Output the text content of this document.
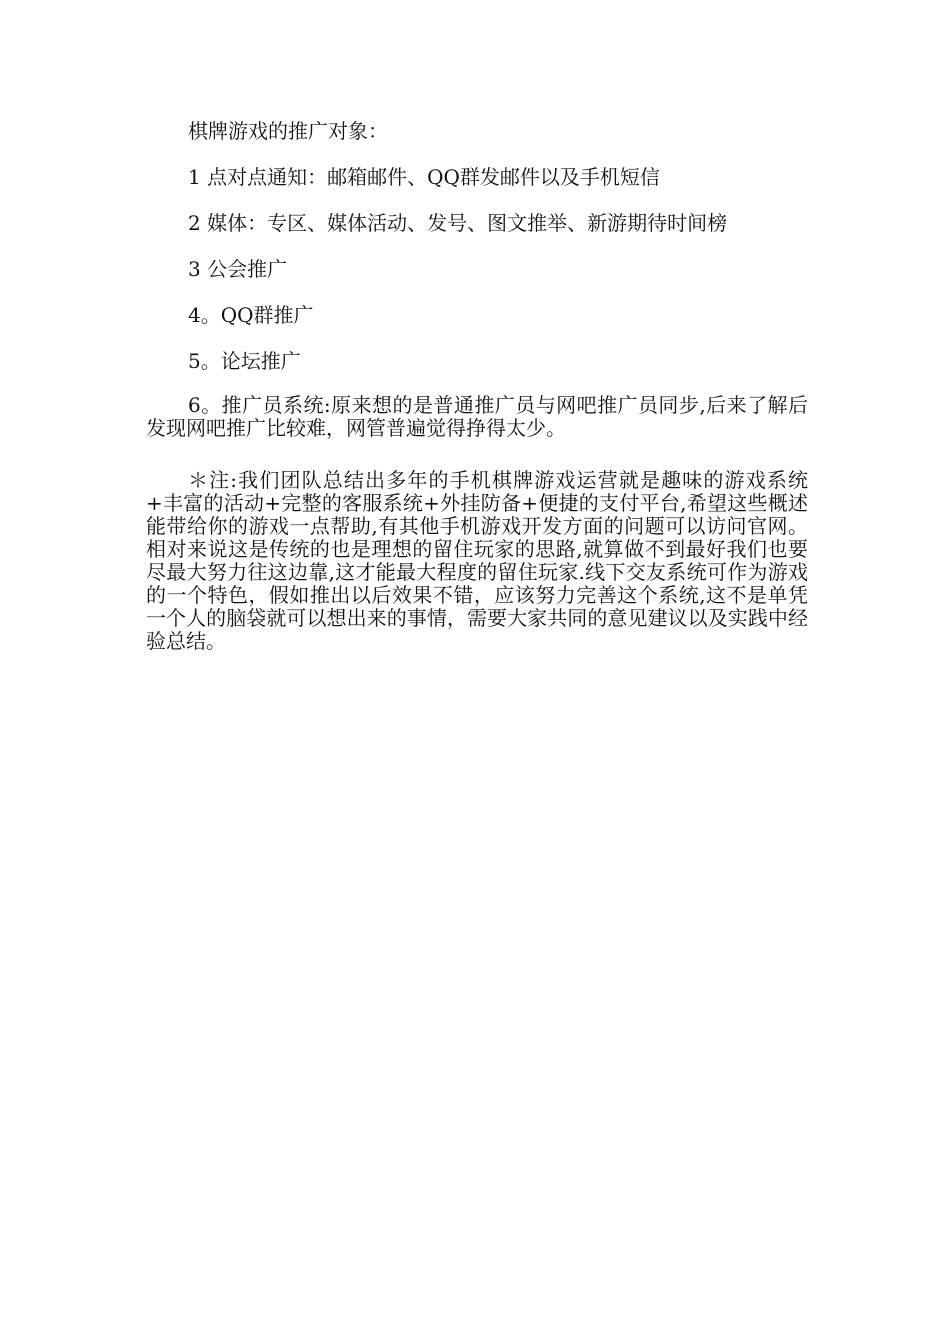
棋牌游戏的推广对象：

1 点对点通知：邮箱邮件、QQ群发邮件以及手机短信

2 媒体：专区、媒体活动、发号、图文推举、新游期待时间榜

3 公会推广

4。QQ群推广

5。论坛推广

6。推广员系统:原来想的是普通推广员与网吧推广员同步,后来了解后发现网吧推广比较难，网管普遍觉得挣得太少。

＊注:我们团队总结出多年的手机棋牌游戏运营就是趣味的游戏系统+丰富的活动+完整的客服系统+外挂防备+便捷的支付平台,希望这些概述能带给你的游戏一点帮助,有其他手机游戏开发方面的问题可以访问官网。相对来说这是传统的也是理想的留住玩家的思路,就算做不到最好我们也要尽最大努力往这边靠,这才能最大程度的留住玩家.线下交友系统可作为游戏的一个特色，假如推出以后效果不错，应该努力完善这个系统,这不是单凭一个人的脑袋就可以想出来的事情，需要大家共同的意见建议以及实践中经验总结。
